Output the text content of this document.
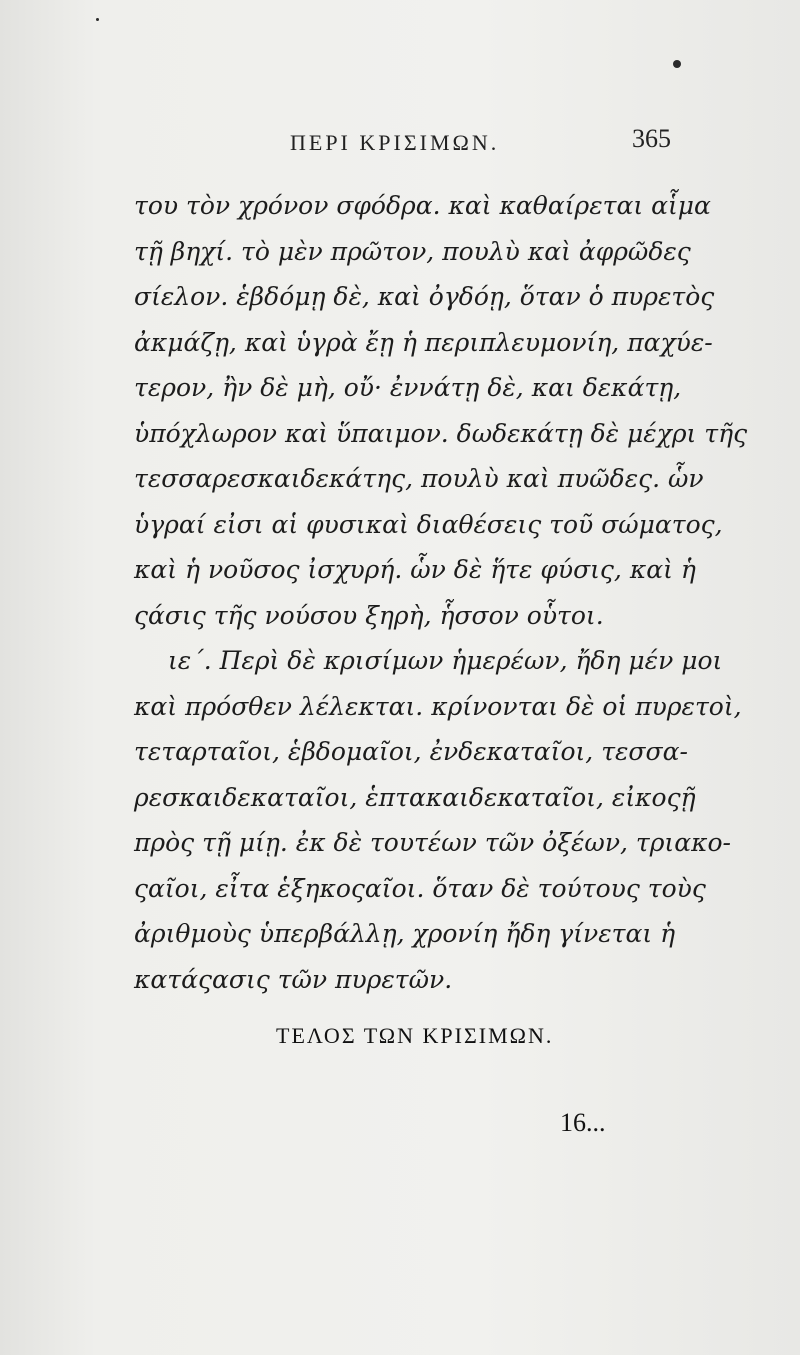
ΠΕΡΙ ΚΡΙΣΙΜΩΝ.	365
του τὸν χρόνον σφόδρα. καὶ καθαίρεται αἷμα
τῇ βηχί. τὸ μὲν πρῶτον, πουλὺ καὶ ἀφρῶδες
σίελον. ἑβδόμῃ δὲ, καὶ ὀγδόῃ, ὅταν ὁ πυρετὸς
ἀκμάζῃ, καὶ ὑγρὰ ἔῃ ἡ περιπλευμονίη, παχύε-
τερον, ἢν δὲ μὴ, οὔ· ἐννάτῃ δὲ, και δεκάτῃ,
ὑπόχλωρον καὶ ὕπαιμον. δωδεκάτῃ δὲ μέχρι τῆς
τεσσαρεσκαιδεκάτης, πουλὺ καὶ πυῶδες. ὧν
ὑγραί εἰσι αἱ φυσικαὶ διαθέσεις τοῦ σώματος,
καὶ ἡ νοῦσος ἰσχυρή. ὧν δὲ ἥτε φύσις, καὶ ἡ
ςάσις τῆς νούσου ξηρὴ, ἧσσον οὗτοι.
ιε΄. Περὶ δὲ κρισίμων ἡμερέων, ἤδη μέν μοι
καὶ πρόσθεν λέλεκται. κρίνονται δὲ οἱ πυρετοὶ,
τεταρταῖοι, ἑβδομαῖοι, ἐνδεκαταῖοι, τεσσα-
ρεσκαιδεκαταῖοι, ἑπτακαιδεκαταῖοι, εἰκοςῇ
πρὸς τῇ μίῃ. ἐκ δὲ τουτέων τῶν ὀξέων, τριακο-
ςαῖοι, εἶτα ἑξηκοςαῖοι. ὅταν δὲ τούτους τοὺς
ἀριθμοὺς ὑπερβάλλῃ, χρονίη ἤδη γίνεται ἡ
κατάςασις τῶν πυρετῶν.
ΤΕΛΟΣ ΤΩΝ ΚΡΙΣΙΜΩΝ.
16...
